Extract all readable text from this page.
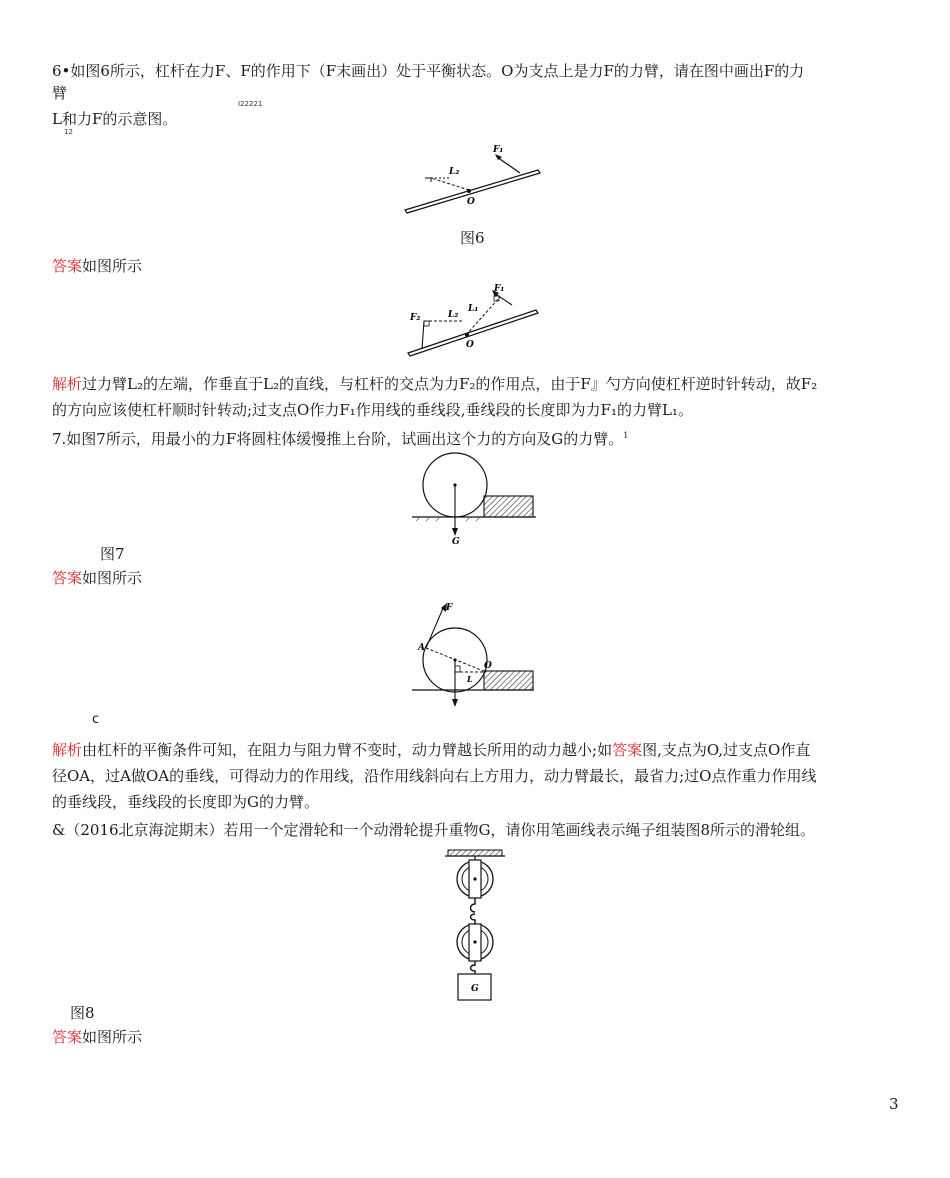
6•如图6所示，杠杆在力F、F的作用下（F末画出）处于平衡状态。O为支点上是力F的力臂，请在图中画出F的力
臂
I22221
L和力F的示意图。
12
F₁
L₂
O
图6
答案如图所示
F₂	L₂
L₁
F₁
O
解析过力臂L₂的左端，作垂直于L₂的直线，与杠杆的交点为力F₂的作用点，由于F』勺方向使杠杆逆时针转动，故F₂
的方向应该使杠杆顺时针转动;过支点O作力F₁作用线的垂线段,垂线段的长度即为力F₁的力臂L₁。
7.如图7所示，用最小的力F将圆柱体缓慢推上台阶，试画出这个力的方向及G的力臂。$^1$
G
图7
答案如图所示
F
A
O
L
c
解析由杠杆的平衡条件可知，在阻力与阻力臂不变时，动力臂越长所用的动力越小;如答案图,支点为O,过支点O作直
径OA，过A做OA的垂线，可得动力的作用线，沿作用线斜向右上方用力，动力臂最长，最省力;过O点作重力作用线
的垂线段，垂线段的长度即为G的力臂。
&（2016北京海淀期末）若用一个定滑轮和一个动滑轮提升重物G，请你用笔画线表示绳子组装图8所示的滑轮组。
G
图8
答案如图所示
3
